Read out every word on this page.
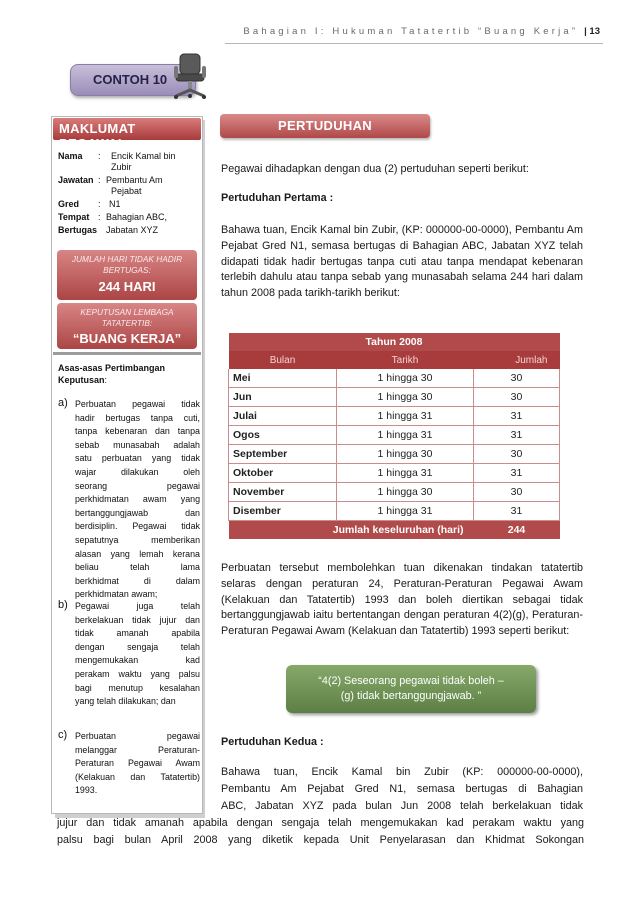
Bahagian I: Hukuman Tatatertib “Buang Kerja” | 13
CONTOH 10
MAKLUMAT PEGAWAI
Nama : Encik Kamal bin
Zubir
Jawatan : Pembantu Am
Pejabat
Gred : N1
Tempat : Bahagian ABC,
Bertugas Jabatan XYZ
JUMLAH HARI TIDAK HADIR
BERTUGAS:
244 HARI
KEPUTUSAN LEMBAGA
TATATERTIB:
“BUANG KERJA”
Asas-asas Pertimbangan
Keputusan:
a) Perbuatan pegawai tidak
hadir bertugas tanpa cuti,
tanpa kebenaran dan tanpa
sebab munasabah adalah
satu perbuatan yang tidak
wajar dilakukan oleh
seorang pegawai
perkhidmatan awam yang
bertanggungjawab dan
berdisiplin. Pegawai tidak
sepatutnya memberikan
alasan yang lemah kerana
beliau telah lama
berkhidmat di dalam
perkhidmatan awam;
b) Pegawai juga telah
berkelakuan tidak jujur dan
tidak amanah apabila
dengan sengaja telah
mengemukakan kad
perakam waktu yang palsu
bagi menutup kesalahan
yang telah dilakukan; dan
c) Perbuatan pegawai
melanggar Peraturan-
Peraturan Pegawai Awam
(Kelakuan dan Tatatertib)
1993.
PERTUDUHAN
Pegawai dihadapkan dengan dua (2) pertuduhan seperti berikut:
Pertuduhan Pertama :
Bahawa tuan, Encik Kamal bin Zubir, (KP: 000000-00-0000), Pembantu Am Pejabat Gred N1, semasa bertugas di Bahagian ABC, Jabatan XYZ telah didapati tidak hadir bertugas tanpa cuti atau tanpa mendapat kebenaran terlebih dahulu atau tanpa sebab yang munasabah selama 244 hari dalam tahun 2008 pada tarikh-tarikh berikut:
Tahun 2008		
Bulan	Tarikh	Jumlah
Mei	1 hingga 30	30
Jun	1 hingga 30	30
Julai	1 hingga 31	31
Ogos	1 hingga 31	31
September	1 hingga 30	30
Oktober	1 hingga 31	31
November	1 hingga 30	30
Disember	1 hingga 31	31
Jumlah keseluruhan (hari)		244
Perbuatan tersebut membolehkan tuan dikenakan tindakan tatatertib selaras dengan peraturan 24, Peraturan-Peraturan Pegawai Awam (Kelakuan dan Tatatertib) 1993 dan boleh diertikan sebagai tidak bertanggungjawab iaitu bertentangan dengan peraturan 4(2)(g), Peraturan-Peraturan Pegawai Awam (Kelakuan dan Tatatertib) 1993 seperti berikut:
“4(2) Seseorang pegawai tidak boleh –
(g) tidak bertanggungjawab. ”
Pertuduhan Kedua :
Bahawa tuan, Encik Kamal bin Zubir (KP: 000000-00-0000),
Pembantu Am Pejabat Gred N1, semasa bertugas di Bahagian
ABC, Jabatan XYZ pada bulan Jun 2008 telah berkelakuan tidak
jujur dan tidak amanah apabila dengan sengaja telah mengemukakan kad perakam waktu yang
palsu bagi bulan April 2008 yang diketik kepada Unit Penyelarasan dan Khidmat Sokongan
